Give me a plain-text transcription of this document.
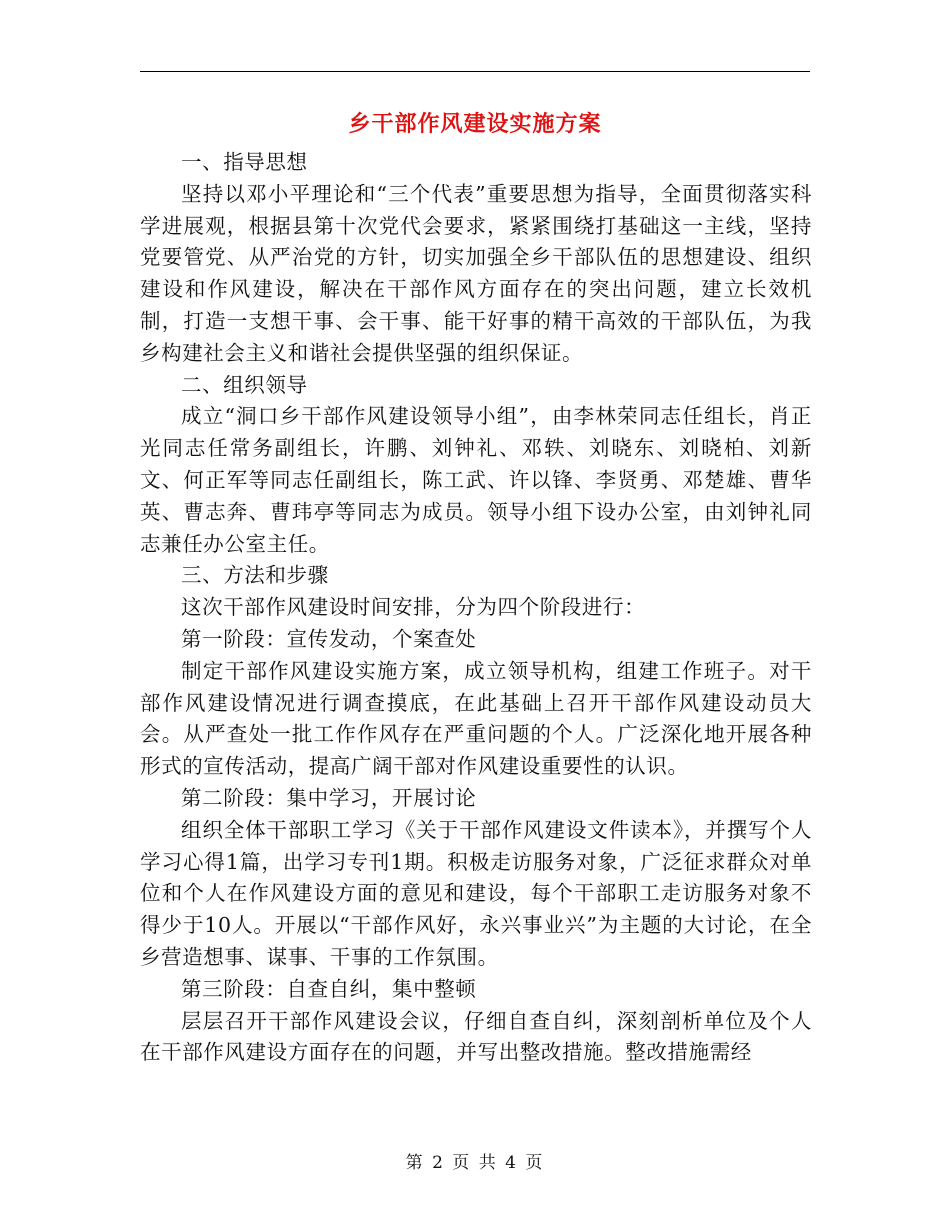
乡干部作风建设实施方案

一、指导思想

坚持以邓小平理论和“三个代表”重要思想为指导，全面贯彻落实科学进展观，根据县第十次党代会要求，紧紧围绕打基础这一主线，坚持党要管党、从严治党的方针，切实加强全乡干部队伍的思想建设、组织建设和作风建设，解决在干部作风方面存在的突出问题，建立长效机制，打造一支想干事、会干事、能干好事的精干高效的干部队伍，为我乡构建社会主义和谐社会提供坚强的组织保证。

二、组织领导

成立“洞口乡干部作风建设领导小组”，由李林荣同志任组长，肖正光同志任常务副组长，许鹏、刘钟礼、邓轶、刘晓东、刘晓柏、刘新文、何正军等同志任副组长，陈工武、许以锋、李贤勇、邓楚雄、曹华英、曹志奔、曹玮亭等同志为成员。领导小组下设办公室，由刘钟礼同志兼任办公室主任。

三、方法和步骤

这次干部作风建设时间安排，分为四个阶段进行：

第一阶段：宣传发动，个案查处

制定干部作风建设实施方案，成立领导机构，组建工作班子。对干部作风建设情况进行调查摸底，在此基础上召开干部作风建设动员大会。从严查处一批工作作风存在严重问题的个人。广泛深化地开展各种形式的宣传活动，提高广阔干部对作风建设重要性的认识。

第二阶段：集中学习，开展讨论

组织全体干部职工学习《关于干部作风建设文件读本》，并撰写个人学习心得1篇，出学习专刊1期。积极走访服务对象，广泛征求群众对单位和个人在作风建设方面的意见和建设，每个干部职工走访服务对象不得少于10人。开展以“干部作风好，永兴事业兴”为主题的大讨论，在全乡营造想事、谋事、干事的工作氛围。

第三阶段：自查自纠，集中整顿

层层召开干部作风建设会议，仔细自查自纠，深刻剖析单位及个人在干部作风建设方面存在的问题，并写出整改措施。整改措施需经

第 2 页 共 4 页
